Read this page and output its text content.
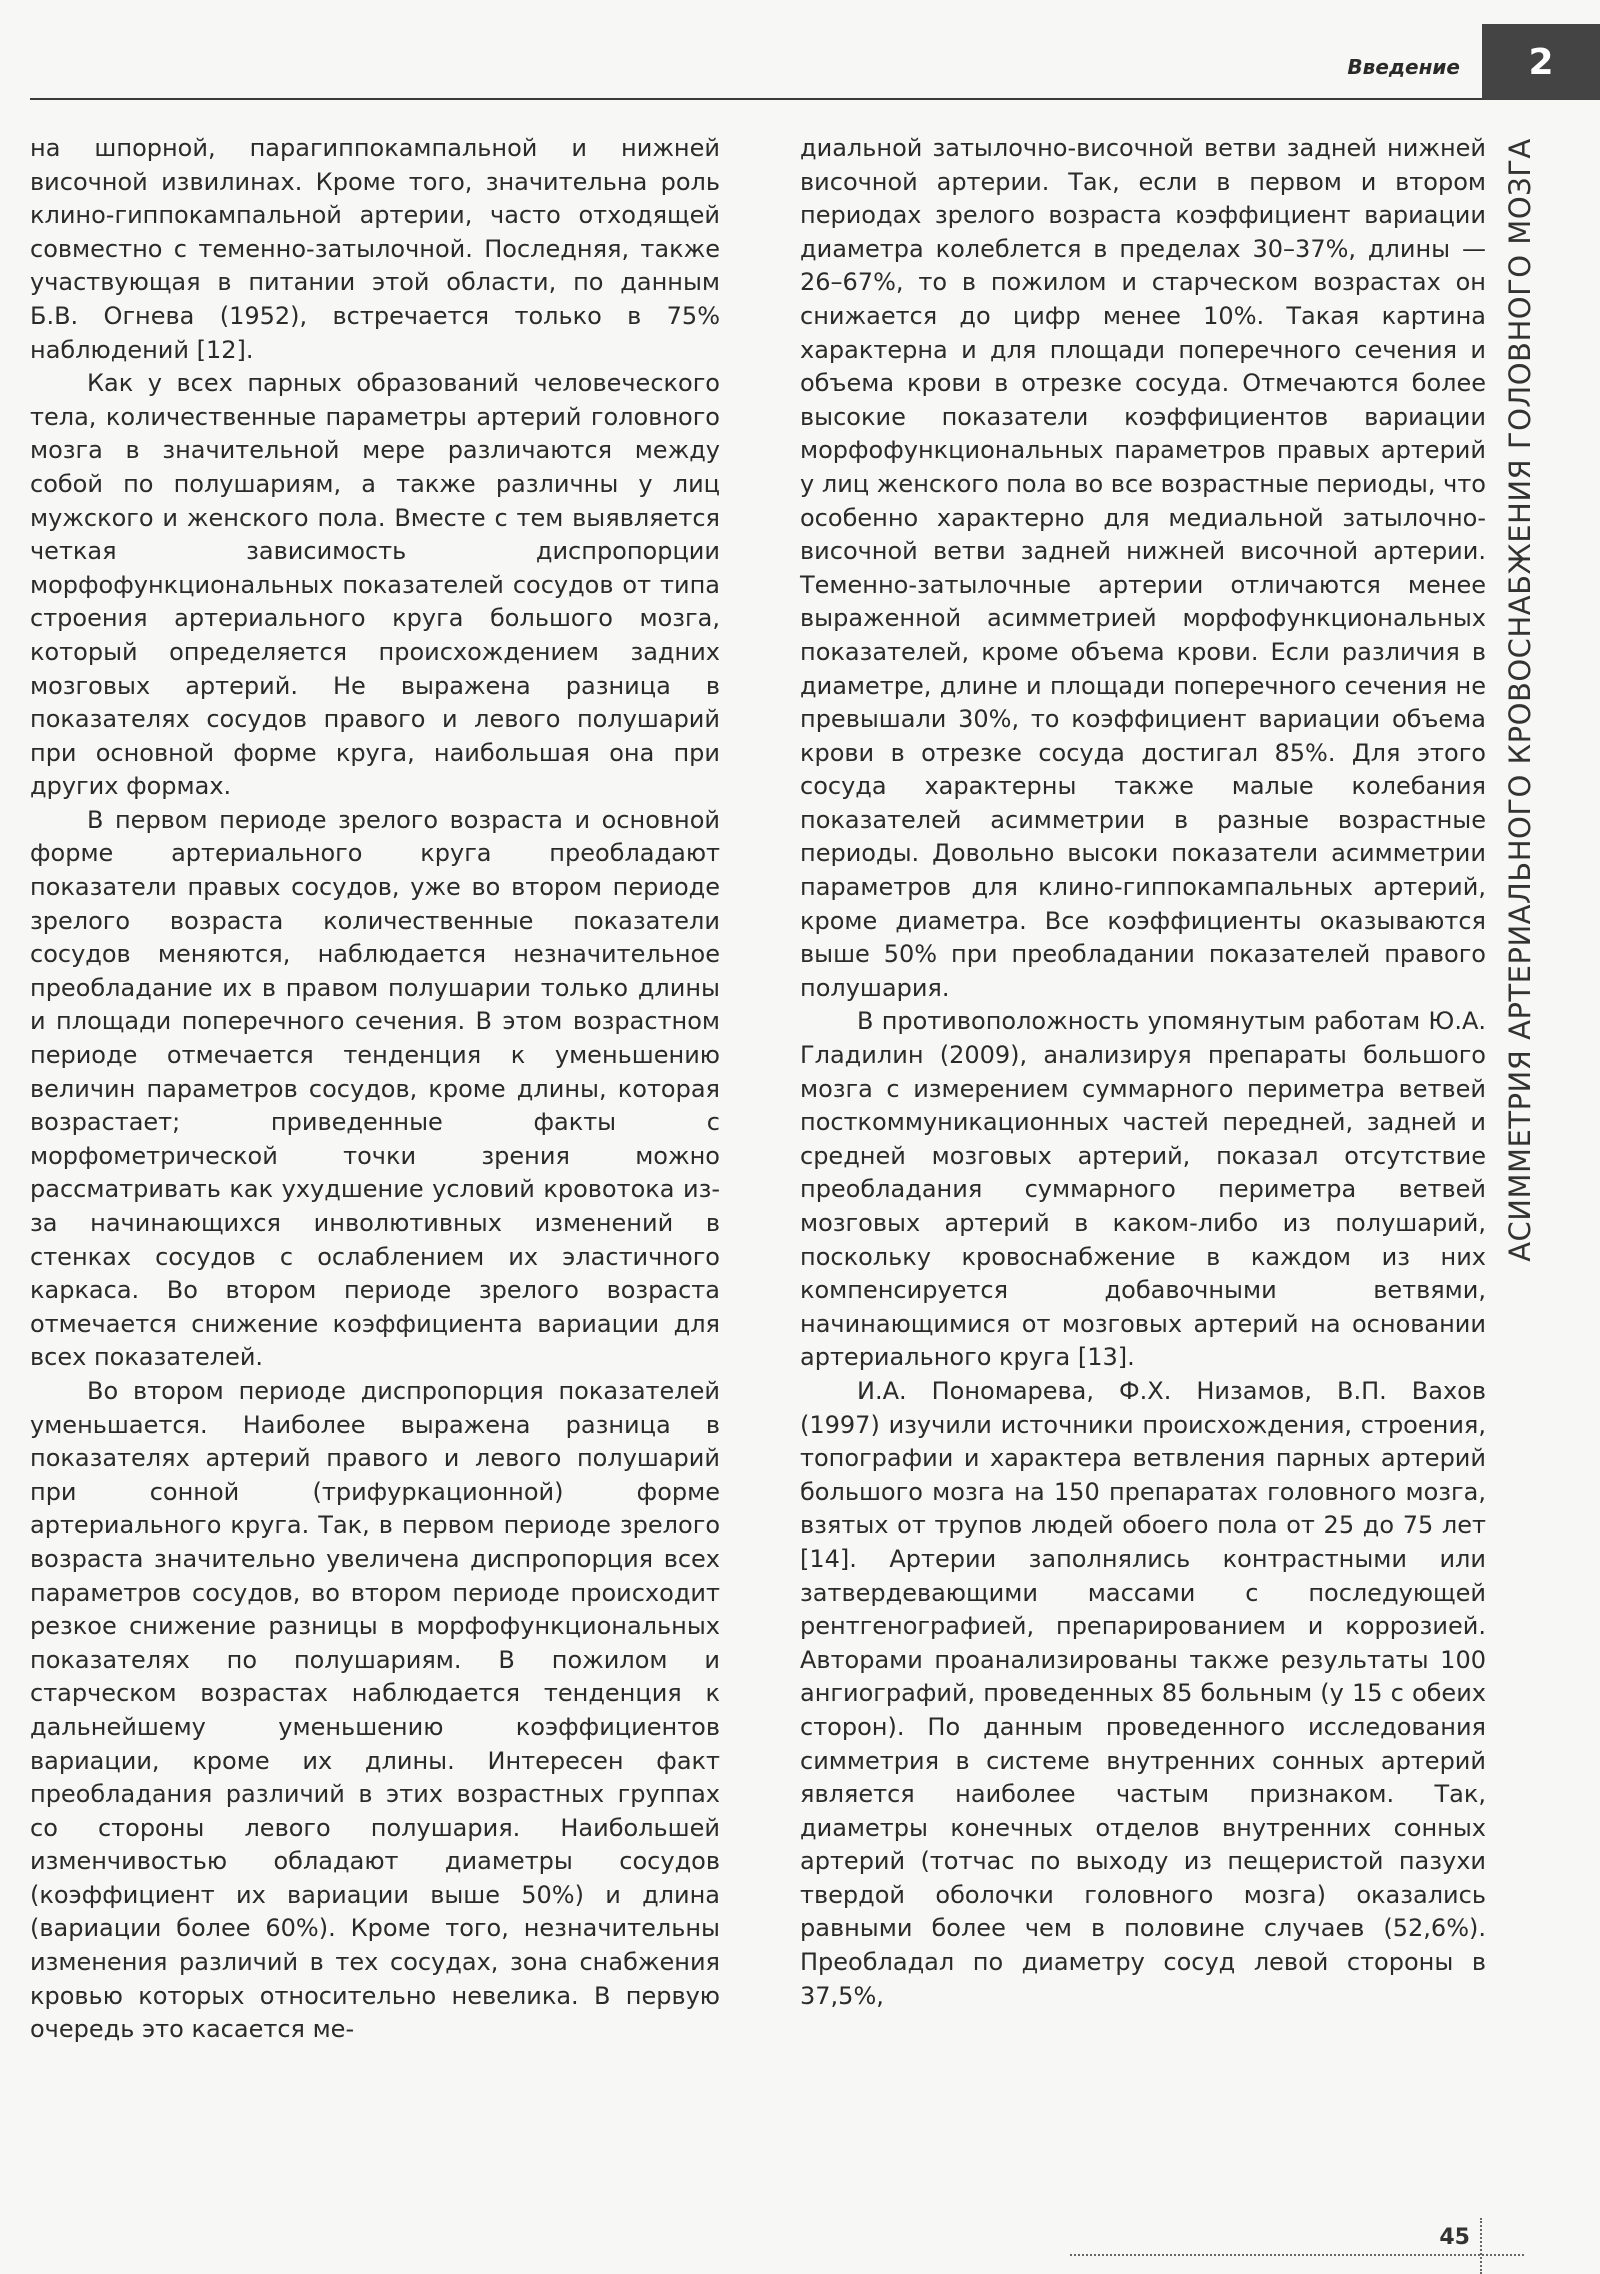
Введение 2
АСИММЕТРИЯ АРТЕРИАЛЬНОГО КРОВОСНАБЖЕНИЯ ГОЛОВНОГО МОЗГА

на шпорной, парагиппокампальной и нижней височной извилинах. Кроме того, значительна роль клино-гиппокампальной артерии, часто отходящей совместно с теменно-затылочной. Последняя, также участвующая в питании этой области, по данным Б.В. Огнева (1952), встречается только в 75% наблюдений [12].

Как у всех парных образований человеческого тела, количественные параметры артерий головного мозга в значительной мере различаются между собой по полушариям, а также различны у лиц мужского и женского пола. Вместе с тем выявляется четкая зависимость диспропорции морфофункциональных показателей сосудов от типа строения артериального круга большого мозга, который определяется происхождением задних мозговых артерий. Не выражена разница в показателях сосудов правого и левого полушарий при основной форме круга, наибольшая она при других формах.

В первом периоде зрелого возраста и основной форме артериального круга преобладают показатели правых сосудов, уже во втором периоде зрелого возраста количественные показатели сосудов меняются, наблюдается незначительное преобладание их в правом полушарии только длины и площади поперечного сечения. В этом возрастном периоде отмечается тенденция к уменьшению величин параметров сосудов, кроме длины, которая возрастает; приведенные факты с морфометрической точки зрения можно рассматривать как ухудшение условий кровотока из-за начинающихся инволютивных изменений в стенках сосудов с ослаблением их эластичного каркаса. Во втором периоде зрелого возраста отмечается снижение коэффициента вариации для всех показателей.

Во втором периоде диспропорция показателей уменьшается. Наиболее выражена разница в показателях артерий правого и левого полушарий при сонной (трифуркационной) форме артериального круга. Так, в первом периоде зрелого возраста значительно увеличена диспропорция всех параметров сосудов, во втором периоде происходит резкое снижение разницы в морфофункциональных показателях по полушариям. В пожилом и старческом возрастах наблюдается тенденция к дальнейшему уменьшению коэффициентов вариации, кроме их длины. Интересен факт преобладания различий в этих возрастных группах со стороны левого полушария. Наибольшей изменчивостью обладают диаметры сосудов (коэффициент их вариации выше 50%) и длина (вариации более 60%). Кроме того, незначительны изменения различий в тех сосудах, зона снабжения кровью которых относительно невелика. В первую очередь это касается ме-

диальной затылочно-височной ветви задней нижней височной артерии. Так, если в первом и втором периодах зрелого возраста коэффициент вариации диаметра колеблется в пределах 30–37%, длины — 26–67%, то в пожилом и старческом возрастах он снижается до цифр менее 10%. Такая картина характерна и для площади поперечного сечения и объема крови в отрезке сосуда. Отмечаются более высокие показатели коэффициентов вариации морфофункциональных параметров правых артерий у лиц женского пола во все возрастные периоды, что особенно характерно для медиальной затылочно-височной ветви задней нижней височной артерии. Теменно-затылочные артерии отличаются менее выраженной асимметрией морфофункциональных показателей, кроме объема крови. Если различия в диаметре, длине и площади поперечного сечения не превышали 30%, то коэффициент вариации объема крови в отрезке сосуда достигал 85%. Для этого сосуда характерны также малые колебания показателей асимметрии в разные возрастные периоды. Довольно высоки показатели асимметрии параметров для клино-гиппокампальных артерий, кроме диаметра. Все коэффициенты оказываются выше 50% при преобладании показателей правого полушария.

В противоположность упомянутым работам Ю.А. Гладилин (2009), анализируя препараты большого мозга с измерением суммарного периметра ветвей посткоммуникационных частей передней, задней и средней мозговых артерий, показал отсутствие преобладания суммарного периметра ветвей мозговых артерий в каком-либо из полушарий, поскольку кровоснабжение в каждом из них компенсируется добавочными ветвями, начинающимися от мозговых артерий на основании артериального круга [13].

И.А. Пономарева, Ф.Х. Низамов, В.П. Вахов (1997) изучили источники происхождения, строения, топографии и характера ветвления парных артерий большого мозга на 150 препаратах головного мозга, взятых от трупов людей обоего пола от 25 до 75 лет [14]. Артерии заполнялись контрастными или затвердевающими массами с последующей рентгенографией, препарированием и коррозией. Авторами проанализированы также результаты 100 ангиографий, проведенных 85 больным (у 15 с обеих сторон). По данным проведенного исследования симметрия в системе внутренних сонных артерий является наиболее частым признаком. Так, диаметры конечных отделов внутренних сонных артерий (тотчас по выходу из пещеристой пазухи твердой оболочки головного мозга) оказались равными более чем в половине случаев (52,6%). Преобладал по диаметру сосуд левой стороны в 37,5%,

45
